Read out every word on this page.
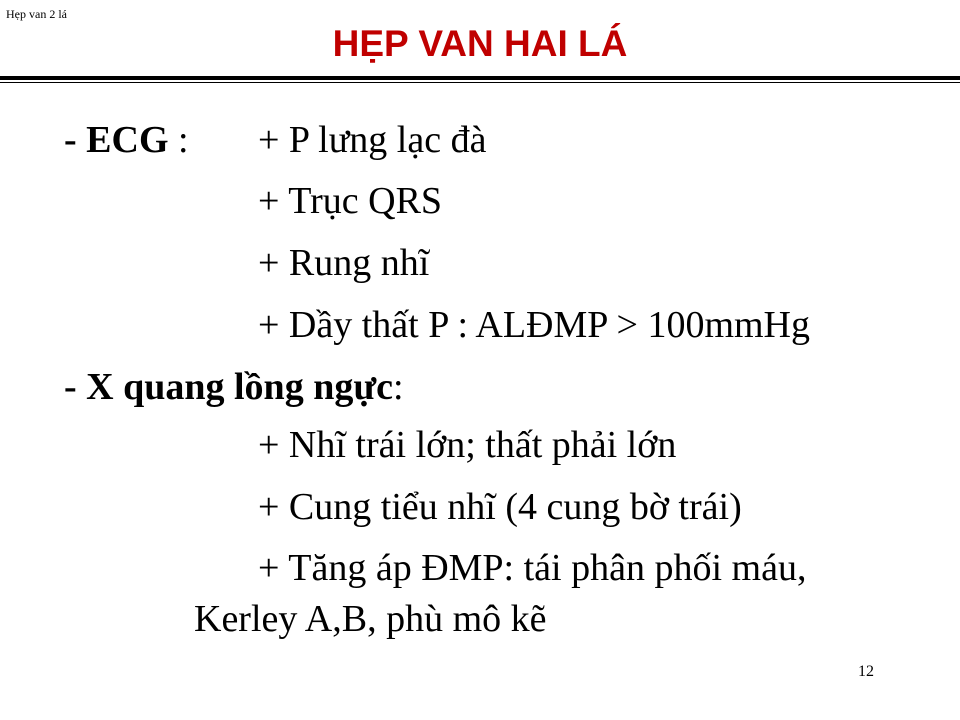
Hẹp van 2 lá
HẸP VAN HAI LÁ
- ECG : + P lưng lạc đà
+ Trục QRS
+ Rung nhĩ
+ Dầy thất P : ALĐMP > 100mmHg
- X quang lồng ngực:
+ Nhĩ trái lớn; thất phải lớn
+ Cung tiểu nhĩ (4 cung bờ trái)
+ Tăng áp ĐMP: tái phân phối máu,
Kerley A,B, phù mô kẽ
12
